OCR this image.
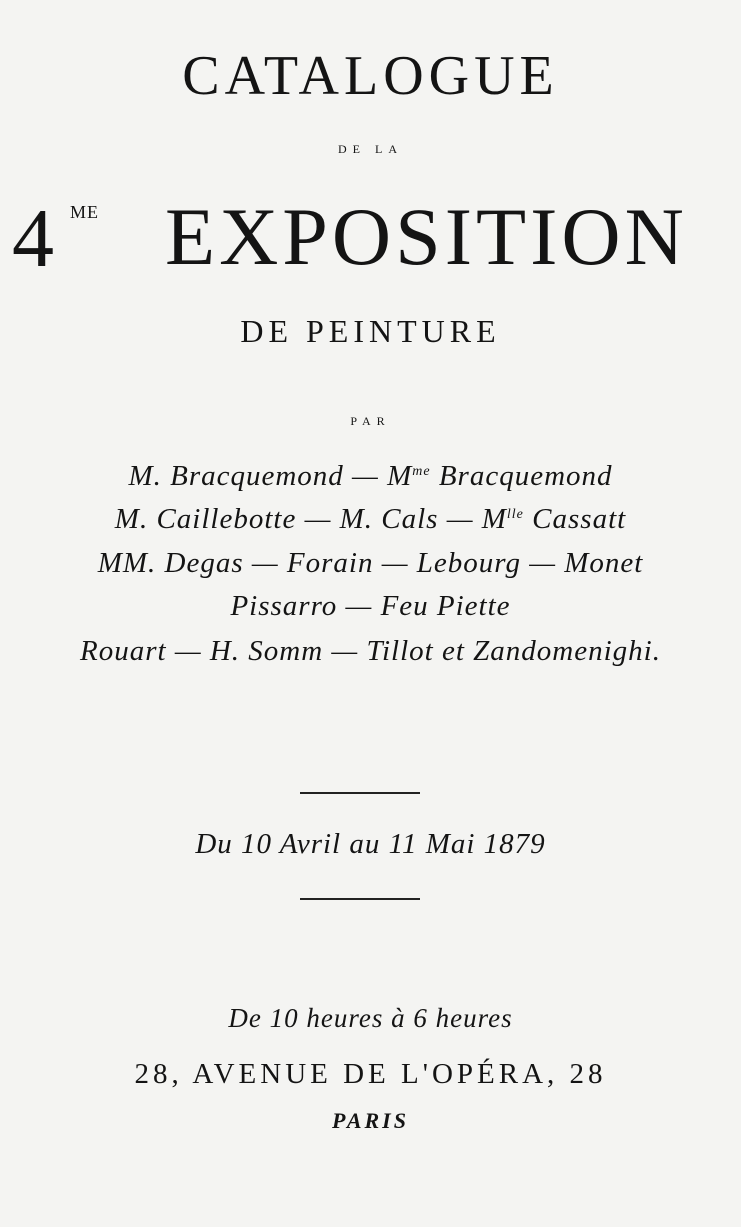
CATALOGUE
DE LA
4 ME EXPOSITION
DE PEINTURE
PAR
M. Bracquemond — $M^{me}$ Bracquemond
M. Caillebotte — M. Cals — $M^{lle}$ Cassatt
MM. Degas — Forain — Lebourg — Monet
Pissarro — Feu Piette
Rouart — H. Somm — Tillot et Zandomenighi.
Du 10 Avril au 11 Mai 1879
De 10 heures à 6 heures
28, AVENUE DE L'OPÉRA, 28
PARIS
